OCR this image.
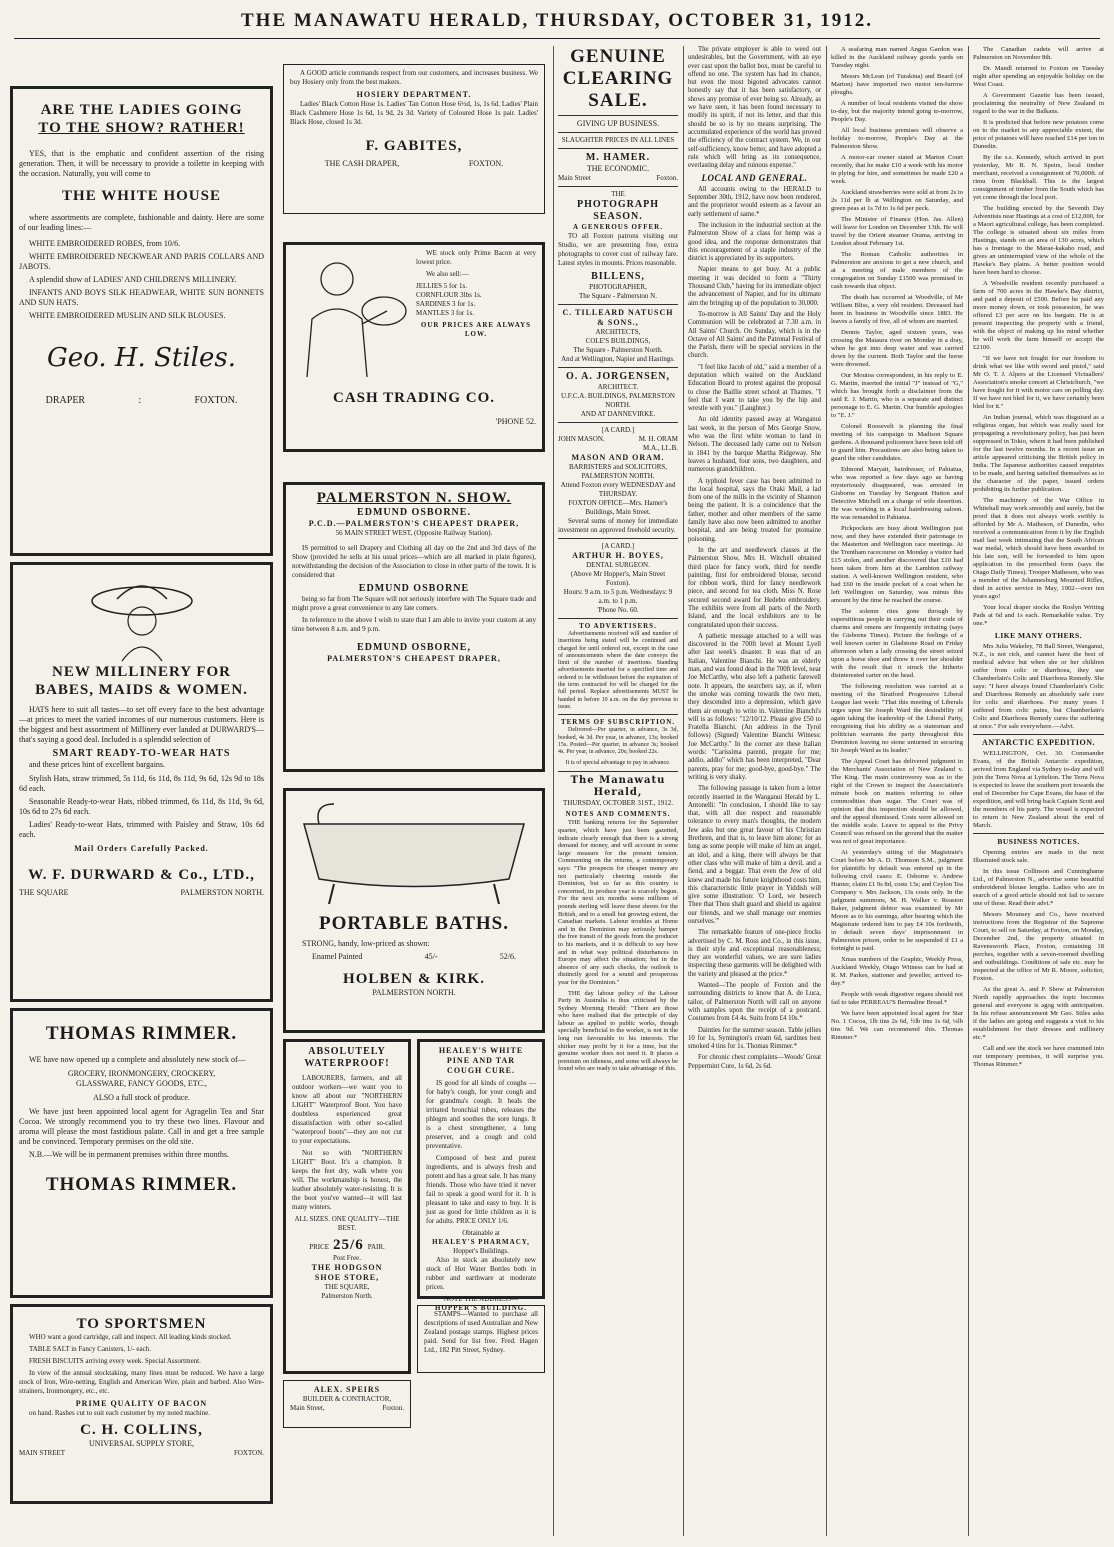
THE MANAWATU HERALD, THURSDAY, OCTOBER 31, 1912.
ARE THE LADIES GOING
TO THE SHOW? RATHER!

YES, that is the emphatic and confident assertion of the rising generation. Then, it will be necessary to provide a toilette in keeping with the occasion. Naturally, you will come to

THE WHITE HOUSE

where assortments are complete, fashionable and dainty. Here are some of our leading lines:—

WHITE EMBROIDERED ROBES, from 10/6.

WHITE EMBROIDERED NECKWEAR AND PARIS COLLARS AND JABOTS.

A splendid show of LADIES' AND CHILDREN'S MILLINERY.

INFANTS AND BOYS SILK HEADWEAR, WHITE SUN BONNETS AND SUN HATS.

WHITE EMBROIDERED MUSLIN AND SILK BLOUSES.

Geo. H. Stiles.
DRAPER	:	FOXTON.
NEW MILLINERY FOR
BABES, MAIDS & WOMEN.

HATS here to suit all tastes—to set off every face to the best advantage—at prices to meet the varied incomes of our numerous customers. Here is the biggest and best assortment of Millinery ever landed at DURWARD'S—that's saying a good deal. Included is a splendid selection of

SMART READY-TO-WEAR HATS

and these prices hint of excellent bargains.

Stylish Hats, straw trimmed, 5s 11d, 6s 11d, 8s 11d, 9s 6d, 12s 9d to 18s 6d each.

Seasonable Ready-to-wear Hats, ribbed trimmed, 6s 11d, 8s 11d, 9s 6d, 10s 6d to 27s 6d each.

Ladies' Ready-to-wear Hats, trimmed with Paisley and Straw, 10s 6d each.

Mail Orders Carefully Packed.
W. F. DURWARD & Co., LTD.,
THE SQUARE	PALMERSTON NORTH.
THOMAS RIMMER.

WE have now opened up a complete and absolutely new stock of—

GROCERY, IRONMONGERY, CROCKERY,
GLASSWARE, FANCY GOODS, ETC.,
ALSO a full stock of produce.

We have just been appointed local agent for Agragelin Tea and Star Cocoa. We strongly recommend you to try these two lines. Flavour and aroma will please the most fastidious palate. Call in and get a free sample and be convinced. Temporary premises on the old site.

N.B.—We will be in permanent premises within three months.

THOMAS RIMMER.
TO SPORTSMEN

WHO want a good cartridge, call and inspect. All leading kinds stocked.

TABLE SALT in Fancy Canisters, 1/- each.

FRESH BISCUITS arriving every week. Special Assortment.

In view of the annual stocktaking, many lines must be reduced. We have a large stock of Iron, Wire-netting, English and American Wire, plain and barbed. Also Wire-strainers, Ironmongery, etc., etc.

PRIME QUALITY OF BACON

on hand. Rashes cut to suit each customer by my noted machine.

C. H. COLLINS,
UNIVERSAL SUPPLY STORE,
MAIN STREET	FOXTON.

A GOOD article commands respect from our customers, and increases business. We buy Hosiery only from the best makers.

HOSIERY DEPARTMENT.

Ladies' Black Cotton Hose 1s. Ladies' Tan Cotton Hose 6½d, 1s, 1s 6d. Ladies' Plain Black Cashmere Hose 1s 6d, 1s 9d, 2s 3d. Variety of Coloured Hose 1s pair. Ladies' Black Hose, closed 1s 3d.

F. GABITES,
THE CASH DRAPER,	FOXTON.

WE stock only Prime Bacon at very lowest price.

We also sell:—

JELLIES 5 for 1s.
CORNFLOUR 3lbs 1s.
SARDINES 3 for 1s.
MANTLES 3 for 1s.
OUR PRICES ARE ALWAYS LOW.
CASH TRADING CO.
'PHONE 52.
PALMERSTON N. SHOW.
EDMUND OSBORNE.
P.C.D.—PALMERSTON'S CHEAPEST DRAPER,
56 MAIN STREET WEST, (Opposite Railway Station).

IS permitted to sell Drapery and Clothing all day on the 2nd and 3rd days of the Show (provided he sells at his usual prices—which are all marked in plain figures), notwithstanding the decision of the Association to close in other parts of the town. It is considered that

EDMUND OSBORNE

being so far from The Square will not seriously interfere with The Square trade and might prove a great convenience to any late comers.

In reference to the above I wish to state that I am able to invite your custom at any time between 8 a.m. and 9 p.m.

EDMUND OSBORNE,
PALMERSTON'S CHEAPEST DRAPER,
PORTABLE BATHS.

STRONG, handy, low-priced as shown:

Enamel Painted	45/-	52/6.
HOLBEN & KIRK.
PALMERSTON NORTH.
ABSOLUTELY
WATERPROOF!

LABOURERS, farmers, and all outdoor workers—we want you to know all about our "NORTHERN LIGHT" Waterproof Boot. You have doubtless experienced great dissatisfaction with other so-called "waterproof boots"—they are not cut to your expectations.

Not so with "NORTHERN LIGHT" Boot. It's a champion. It keeps the feet dry, walk where you will. The workmanship is honest, the leather absolutely water-resisting. It is the boot you've wanted—it will last many winters.

ALL SIZES. ONE QUALITY—THE BEST.
PRICE 25/6 PAIR.
Post Free.
THE HODGSON
SHOE STORE,
THE SQUARE,
Palmerston North.
HEALEY'S WHITE
PINE AND TAR
COUGH CURE.

IS good for all kinds of coughs — for baby's cough, for your cough and for grandma's cough. It heals the irritated bronchial tubes, releases the phlegm and soothes the sore lungs. It is a chest strengthener, a lung preserver, and a cough and cold preventative.

Composed of best and purest ingredients, and is always fresh and potent and has a great sale. It has many friends. Those who have tried it never fail to speak a good word for it. It is pleasant to take and easy to buy. It is just as good for little children as it is for adults. PRICE ONLY 1/6.

Obtainable at
HEALEY'S PHARMACY,
Hopper's Buildings.

Also in stock an absolutely new stock of Hot Water Bottles both in rubber and earthware at moderate prices.

NOTE THE ADDRESS—
HOPPER'S BUILDING.

STAMPS—Wanted to purchase all descriptions of used Australian and New Zealand postage stamps. Highest prices paid. Send for list free. Fred. Hagen Ltd., 182 Pitt Street, Sydney.

ALEX. SPEIRS
BUILDER & CONTRACTOR,
Main Street,	Foxton.
GENUINE
CLEARING
SALE.
GIVING UP BUSINESS.
SLAUGHTER PRICES IN ALL LINES
M. HAMER.
THE ECONOMIC.
Main Street	Foxton.
THE
PHOTOGRAPH
SEASON.
A GENEROUS OFFER.

TO all Foxton patrons visiting our Studio, we are presenting free, extra photographs to cover cost of railway fare. Latest styles in mounts. Prices reasonable.

BILLENS,
PHOTOGRAPHER,
The Square - Palmerston N.
C. TILLEARD NATUSCH & SONS.,
ARCHITECTS,
COLE'S BUILDINGS,
The Square - Palmerston North.
And at Wellington, Napier and Hastings.
O. A. JORGENSEN,
ARCHITECT.
U.F.C.A. BUILDINGS, PALMERSTON NORTH.
AND AT DANNEVIRKE.
[A CARD.]
JOHN MASON.	M. H. ORAM
M.A., LL.B.
MASON AND ORAM.
BARRISTERS and SOLICITORS, PALMERSTON NORTH.
Attend Foxton every WEDNESDAY and THURSDAY.
FOXTON OFFICE—Mrs. Hamer's Buildings, Main Street.

Several sums of money for immediate investment on approved freehold security.

[A CARD.]
ARTHUR H. BOYES,
DENTAL SURGEON.
(Above Mr Hopper's, Main Street Foxton).
Hours: 9 a.m. to 5 p.m. Wednesdays: 9 a.m. to 1 p.m.
'Phone No. 60.
TO ADVERTISERS.

Advertisements received will and number of insertions being stated will be continued and charged for until ordered out, except in the case of announcements where the date conveys the limit of the number of insertions. Standing advertisements inserted for a specified time and ordered to be withdrawn before the expiration of the term contracted for will be charged for the full period. Replace advertisements MUST be handed in before 10 a.m. on the day previous to issue.

TERMS OF SUBSCRIPTION.

Delivered—Per quarter, in advance, 3s 3d, booked, 4s 3d. Per year, in advance, 13s; booked 15s. Posted—Per quarter, in advance 3s; booked 4s. Per year, in advance, 20s; booked 22s.

It is of special advantage to pay in advance.
The Manawatu Herald,
THURSDAY, OCTOBER 31ST., 1912.
NOTES AND COMMENTS.

THE banking returns for the September quarter, which have just been gazetted, indicate clearly enough that there is a strong demand for money, and will account in some large measure for the present tension. Commenting on the returns, a contemporary says: "The prospects for cheaper money are not particularly cheering outside the Dominion, but so far as this country is concerned, its produce year is scarcely begun. For the next six months some millions of pounds sterling will leave these shores for the British, and to a small but growing extent, the Canadian markets. Labour troubles at Home and in the Dominion may seriously hamper the free transit of the goods from the producer to his markets, and it is difficult to say how and in what way political disturbances in Europe may affect the situation; but in the absence of any such checks, the outlook is distinctly good for a sound and prosperous year for the Dominion."

THE day labour policy of the Labour Party in Australia is thus criticised by the Sydney Morning Herald: "There are those who have realised that the principle of day labour as applied to public works, though specially beneficial to the worker, is not in the long run favourable to his interests. The shirker may profit by it for a time, but the genuine worker does not need it. It places a premium on idleness, and some will always be found who are ready to take advantage of this.

The private employer is able to weed out undesirables, but the Government, with an eye ever cast upon the ballot box, must be careful to offend no one. The system has had its chance, but even the most bigoted advocates cannot honestly say that it has been satisfactory, or shows any promise of ever being so. Already, as we have seen, it has been found necessary to modify its spirit, if not its letter, and that this should be so is by no means surprising. The accumulated experience of the world has proved the efficiency of the contract system. We, in our self-sufficiency, know better, and have adopted a rule which will bring as its consequence, everlasting delay and ruinous expense."

LOCAL AND GENERAL.

All accounts owing to the HERALD to September 30th, 1912, have now been rendered, and the proprietor would esteem as a favour an early settlement of same.*

The inclusion in the industrial section at the Palmerston Show of a class for hemp was a good idea, and the response demonstrates that this encouragement of a staple industry of the district is appreciated by its supporters.

Napier means to get busy. At a public meeting it was decided to form a "Thirty Thousand Club," having for its immediate object the advancement of Napier, and for its ultimate aim the bringing up of the population to 30,000.

To-morrow is All Saints' Day and the Holy Communion will be celebrated at 7.30 a.m. in All Saints' Church. On Sunday, which is in the Octave of All Saints' and the Patronal Festival of the Parish, there will be special services in the church.

"I feel like Jacob of old," said a member of a deputation which waited on the Auckland Education Board to protest against the proposal to close the Baillie street school at Thames. "I feel that I want to take you by the hip and wrestle with you." (Laughter.)

An old identity passed away at Wanganui last week, in the person of Mrs George Snow, who was the first white woman to land in Nelson. The deceased lady came out to Nelson in 1841 by the barque Martha Ridgeway. She leaves a husband, four sons, two daughters, and numerous grandchildren.

A typhoid fever case has been admitted to the local hospital, says the Otaki Mail, a lad from one of the mills in the vicinity of Shannon being the patient. It is a coincidence that the father, mother and other members of the same family have also now been admitted to another hospital, and are being treated for ptomaine poisoning.

In the art and needlework classes at the Palmerston Show, Mrs H. Witchell obtained third place for fancy work, third for needle painting, first for embroidered blouse, second for ribbon work, third for fancy needlework piece, and second for tea cloth. Miss N. Rose secured second award for Hedebo embroidery. The exhibits were from all parts of the North Island, and the local exhibitors are to be congratulated upon their success.

A pathetic message attached to a will was discovered in the 700ft level at Mount Lyell after last week's disaster. It was that of an Italian, Valentine Bianchi. He was an elderly man, and was found dead in the 700ft level, near Joe McCarthy, who also left a pathetic farewell note. It appears, the searchers say, as if, when the smoke was coming towards the two men, they descended into a depression, which gave them air enough to write in. Valentine Bianchi's will is as follows: "12/10/12. Please give £50 to Fratella Bianchi. (An address in the Tyrol follows) (Signed) Valentine Bianchi Witness: Joe McCarthy." In the corner are these Italian words: "Carissima parenti, pregate for me; addio, addio" which has been interpreted, "Dear parents, pray for me; good-bye, good-bye." The writing is very shaky.

The following passage is taken from a letter recently inserted in the Wanganui Herald by L. Antonelli: "In conclusion, I should like to say that, with all due respect and reasonable tolerance to every man's thoughts, the modern Jew asks but one great favour of his Christian Brethren, and that is, to leave him alone; for as long as some people will make of him an angel, an idol, and a king, there will always be that other class who will make of him a devil, and a fiend, and a beggar. That even the Jew of old knew and made his future knighthood costs him, this characteristic little prayer in Yiddish will give some illustration: 'O Lord, we beseech Thee that Thou shalt guard and shield us against our friends, and we shall manage our enemies ourselves.'"

The remarkable feature of one-piece frocks advertised by C. M. Ross and Co., in this issue, is their style and exceptional reasonableness; they are wonderful values, we are sure ladies inspecting these garments will be delighted with the variety and pleased at the price.*

Wanted—The people of Foxton and the surrounding districts to know that A. de Luca, tailor, of Palmerston North will call on anyone with samples upon the receipt of a postcard. Costumes from £4 4s. Suits from £4 10s.*

Dainties for the summer season. Table jellies 10 for 1s, Symington's cream 6d, sardines best smoked 4 tins for 1s. Thomas Rimmer.*

For chronic chest complaints—Woods' Great Peppermint Cure, 1s 6d, 2s 6d.

A seafaring man named Angus Gardon was killed in the Auckland railway goods yards on Tuesday night.

Messrs McLean (of Turakina) and Beard (of Marton) have imported two motor ten-furrow ploughs.

A number of local residents visited the show to-day, but the majority intend going to-morrow, People's Day.

All local business premises will observe a holiday to-morrow, People's Day at the Palmerston Show.

A motor-car owner stated at Marton Court recently, that he make £10 a week with his motor in plying for hire, and sometimes he made £20 a week.

Auckland strawberries were sold at from 2s to 2s 11d per lb at Wellington on Saturday, and green peas at 1s 7d to 1s 6d per peck.

The Minister of Finance (Hon. Jas. Allen) will leave for London on December 13th. He will travel by the Orient steamer Orama, arriving in London about February 1st.

The Roman Catholic authorities in Palmerston are anxious to get a new church, and at a meeting of male members of the congregation on Sunday £1500 was promised in cash towards that object.

The death has occurred at Woodville, of Mr William Bliss, a very old resident. Deceased had been in business in Woodville since 1883. He leaves a family of five, all of whom are married.

Dennis Taylor, aged sixteen years, was crossing the Mataura river on Monday in a dray, when he got into deep water and was carried down by the current. Both Taylor and the horse were drowned.

Our Moutoa correspondent, in his reply to E. G. Martin, inserted the initial "J" instead of "G," which has brought forth a disclaimer from the said E. J. Martin, who is a separate and distinct personage to E. G. Martin. Our humble apologies to "E. J."

Colonel Roosevelt is planning the final meeting of his campaign in Madison Square gardens. A thousand policemen have been told off to guard him. Precautions are also being taken to guard the other candidates.

Edmond Maryatt, hairdresser, of Pahiatua, who was reported a few days ago as having mysteriously disappeared, was arrested in Gisborne on Tuesday by Sergeant Hutton and Detective Mitchell on a charge of wife desertion. He was working in a local hairdressing saloon. He was remanded to Pahiatua.

Pickpockets are busy about Wellington just now, and they have extended their patronage to the Masterton and Wellington race meetings. At the Trentham racecourse on Monday a visitor had £15 stolen, and another discovered that £10 had been taken from him at the Lambton railway station. A well-known Wellington resident, who had £60 in the inside pocket of a coat when he left Wellington on Saturday, was minus this amount by the time he reached the course.

The solemn rites gone through by superstitious people in carrying out their code of charms and omens are frequently irritating (says the Gisborne Times). Picture the feelings of a well known carter in Gladstone Road on Friday afternoon when a lady crossing the street seized upon a horse shoe and threw it over her shoulder with the result that it struck the hitherto disinterested carter on the head.

The following resolution was carried at a meeting of the Stratford Progressive Liberal League last week: "That this meeting of Liberals urges upon Sir Joseph Ward the desirability of again taking the leadership of the Liberal Party, recognising that his ability as a statesman and politician warrants the party throughout this Dominion leaving no stone unturned in securing Sir Joseph Ward as its leader."

The Appeal Court has delivered judgment in the Merchants' Association of New Zealand v. The King. The main controversy was as to the right of the Crown to inspect the Association's minute book on matters referring to other commodities than sugar. The Court was of opinion that this inspection should be allowed, and the appeal dismissed. Costs were allowed on the middle scale. Leave to appeal to the Privy Council was refused on the ground that the matter was not of great importance.

At yesterday's sitting of the Magistrate's Court before Mr A. D. Thomson S.M., judgment for plaintiffs by default was entered up in the following civil cases: E. Osborne v. Andrew Hunter, claim £1 9s 8d, costs 13s; and Ceylon Tea Company v. Mrs Jackson, 13s costs only. In the judgment summons, M. H. Walker v. Reaston Baker, judgment debtor was examined by Mr Moore as to his earnings, after hearing which the Magistrate ordered him to pay £4 10s forthwith, in default seven days' imprisonment in Palmerston prison, order to be suspended if £1 a fortnight is paid.

Xmas numbers of the Graphic, Weekly Press, Auckland Weekly, Otago Witness can be had at R. M. Parkes, stationer and jeweller, arrived to-day.*

People with weak digestive organs should not fail to take PERREAU'S Bermaline Bread.*

We have been appointed local agent for Star No. 1 Cocoa, 1lb tins 2s 6d, ½lb tins 1s 6d, ¼lb tins 9d. We can recommend this. Thomas Rimmer.*

The Canadian cadets will arrive at Palmerston on November 8th.

Dr. Mandl returned to Foxton on Tuesday night after spending an enjoyable holiday on the West Coast.

A Government Gazette has been issued, proclaiming the neutrality of New Zealand in regard to the war in the Balkans.

It is predicted that before new potatoes come on to the market to any appreciable extent, the price of potatoes will have reached £14 per ton in Dunedin.

By the s.s. Kennedy, which arrived in port yesterday, Mr R. N. Speirs, local timber merchant, received a consignment of 70,000ft. of rimu from Blackball. This is the largest consignment of timber from the South which has yet come through the local port.

The building erected by the Seventh Day Adventists near Hastings at a cost of £12,000, for a Maori agricultural college, has been completed. The college is situated about six miles from Hastings, stands on an area of 130 acres, which has a frontage to the Marae-kakaho road, and gives an uninterrupted view of the whole of the Hawke's Bay plains. A better position would have been hard to choose.

A Woodville resident recently purchased a farm of 700 acres in the Hawke's Bay district, and paid a deposit of £500. Before he paid any more money down, or took possession, he was offered £3 per acre on his bargain. He is at present inspecting the property with a friend, with the object of making up his mind whether he will work the farm himself or accept the £2100.

"If we have not fought for our freedom to drink what we like with sword and pistol," said Mr O. T. J. Alpers at the Licensed Victuallers' Association's smoke concert at Christchurch, "we have fought for it with motor cars on polling day. If we have not bled for it, we have certainly been bled for it."

An Indian journal, which was disguised as a religious organ, but which was really used for propagating a revolutionary policy, has just been suppressed in Tokio, where it had been published for the last twelve months. In a recent issue an article appeared criticising the British policy in India. The Japanese authorities caused enquiries to be made, and having satisfied themselves as to the character of the paper, issued orders prohibiting its further publication.

The machinery of the War Office in Whitehall may work smoothly and surely, but the proof that it does not always work swiftly is afforded by Mr A. Matheson, of Dunedin, who received a communication from it by the English mail last week intimating that the South African war medal, which should have been awarded to his late son, will be forwarded to him upon application in the prescribed form (says the Otago Daily Times). Trooper Matheson, who was a member of the Johannesburg Mounted Rifles, died in active service in May, 1902—over ten years ago!

Your local draper stocks the Roslyn Writing Pads at 6d and 1s each. Remarkable value. Try one.*

LIKE MANY OTHERS.

Mrs Julia Wakeley, 78 Ball Street, Wanganui, N.Z., is not rich, and cannot have the best of medical advice but when she or her children suffer from colic or diarrhoea, they use Chamberlain's Colic and Diarrhoea Remedy. She says: "I have always found Chamberlain's Colic and Diarrhoea Remedy an absolutely safe cure for colic and diarrhoea. For many years I suffered from colic pains, but Chamberlain's Colic and Diarrhoea Remedy cures the suffering at once." For sale everywhere.—Advt.

ANTARCTIC EXPEDITION.

WELLINGTON, Oct. 30. Commander Evans, of the British Antarctic expedition, arrived from England via Sydney to-day and will join the Terra Nova at Lyttelton. The Terra Nova is expected to leave the southern port towards the end of December for Cape Evans, the base of the expedition, and will bring back Captain Scott and the members of his party. The vessel is expected to return to New Zealand about the end of March.

BUSINESS NOTICES.

Opening entries are made to the next Illustrated stock sale.

In this issue Collinson and Cunninghame Ltd., of Palmerston N., advertise some beautiful embroidered blouse lengths. Ladies who are in search of a good article should not fail to secure one of these. Read their advt.*

Messrs Mounsey and Co., have received instructions from the Registrar of the Supreme Court, to sell on Saturday, at Foxton, on Monday, December 2nd, the property situated in Ravensworth Place, Foxton, containing 18 perches, together with a seven-roomed dwelling and outbuildings. Conditions of sale etc. may be inspected at the office of Mr R. Moore, solicitor, Foxton.

As the great A. and P. Show at Palmerston North rapidly approaches the topic becomes general and everyone is agog with anticipation. In his refuse announcement Mr Geo. Stiles asks if the ladies are going and suggests a visit to his establishment for their dresses and millinery etc.*

Call and see the stock we have crammed into our temporary premises, it will surprise you. Thomas Rimmer.*
